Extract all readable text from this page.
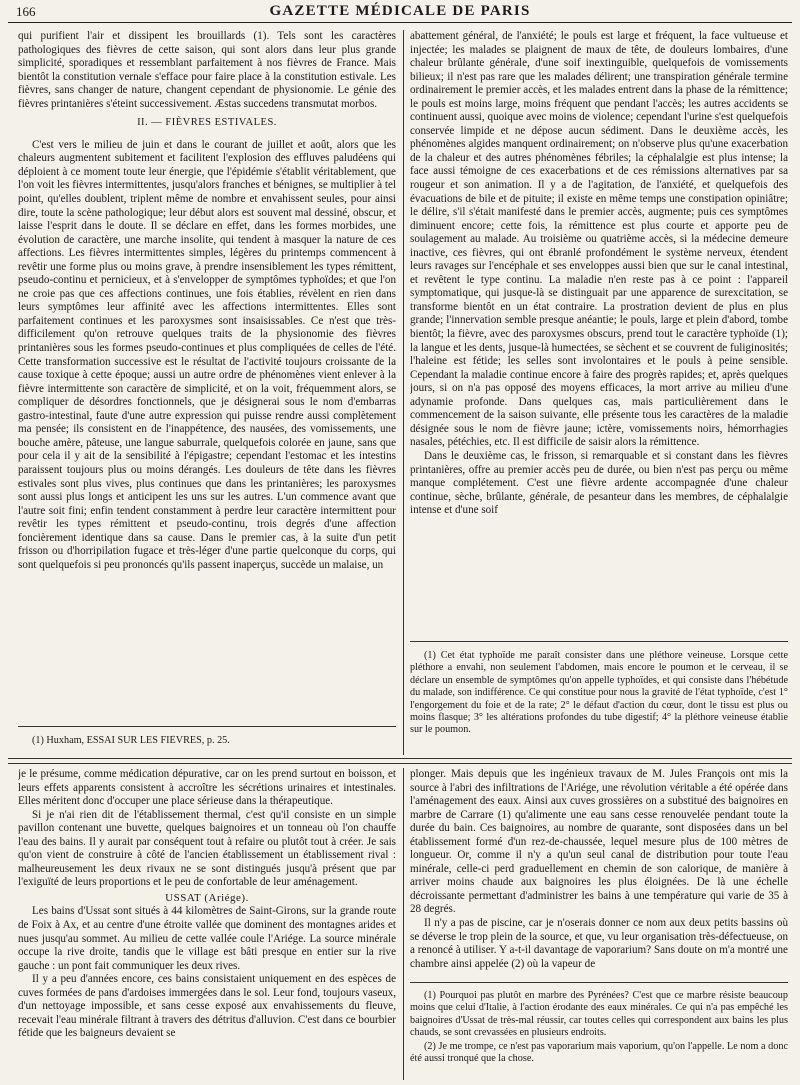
166	GAZETTE MÉDICALE DE PARIS

qui purifient l'air et dissipent les brouillards (1). Tels sont les caractères pathologiques des fièvres de cette saison, qui sont alors dans leur plus grande simplicité, sporadiques et ressemblant parfaitement à nos fièvres de France. Mais bientôt la constitution vernale s'efface pour faire place à la constitution estivale. Les fièvres, sans changer de nature, changent cependant de physionomie. Le génie des fièvres printanières s'éteint successivement. Æstas succedens transmutat morbos.

II. — FIÈVRES ESTIVALES.

C'est vers le milieu de juin et dans le courant de juillet et août, alors que les chaleurs augmentent subitement et facilitent l'explosion des effluves paludéens qui déploient à ce moment toute leur énergie, que l'épidémie s'établit véritablement, que l'on voit les fièvres intermittentes, jusqu'alors franches et bénignes, se multiplier à tel point, qu'elles doublent, triplent même de nombre et envahissent seules, pour ainsi dire, toute la scène pathologique; leur début alors est souvent mal dessiné, obscur, et laisse l'esprit dans le doute. Il se déclare en effet, dans les formes morbides, une évolution de caractère, une marche insolite, qui tendent à masquer la nature de ces affections. Les fièvres intermittentes simples, légères du printemps commencent à revêtir une forme plus ou moins grave, à prendre insensiblement les types rémittent, pseudo-continu et pernicieux, et à s'envelopper de symptômes typhoïdes; et que l'on ne croie pas que ces affections continues, une fois établies, révèlent en rien dans leurs symptômes leur affinité avec les affections intermittentes. Elles sont parfaitement continues et les paroxysmes sont insaisissables. Ce n'est que très-difficilement qu'on retrouve quelques traits de la physionomie des fièvres printanières sous les formes pseudo-continues et plus compliquées de celles de l'été. Cette transformation successive est le résultat de l'activité toujours croissante de la cause toxique à cette époque; aussi un autre ordre de phénomènes vient enlever à la fièvre intermittente son caractère de simplicité, et on la voit, fréquemment alors, se compliquer de désordres fonctionnels, que je désignerai sous le nom d'embarras gastro-intestinal, faute d'une autre expression qui puisse rendre aussi complètement ma pensée; ils consistent en de l'inappétence, des nausées, des vomissements, une bouche amère, pâteuse, une langue saburrale, quelquefois colorée en jaune, sans que pour cela il y ait de la sensibilité à l'épigastre; cependant l'estomac et les intestins paraissent toujours plus ou moins dérangés. Les douleurs de tête dans les fièvres estivales sont plus vives, plus continues que dans les printanières; les paroxysmes sont aussi plus longs et anticipent les uns sur les autres. L'un commence avant que l'autre soit fini; enfin tendent constamment à perdre leur caractère intermittent pour revêtir les types rémittent et pseudo-continu, trois degrés d'une affection foncièrement identique dans sa cause. Dans le premier cas, à la suite d'un petit frisson ou d'horripilation fugace et très-léger d'une partie quelconque du corps, qui sont quelquefois si peu prononcés qu'ils passent inaperçus, succède un malaise, un

abattement général, de l'anxiété; le pouls est large et fréquent, la face vultueuse et injectée; les malades se plaignent de maux de tête, de douleurs lombaires, d'une chaleur brûlante générale, d'une soif inextinguible, quelquefois de vomissements bilieux; il n'est pas rare que les malades délirent; une transpiration générale termine ordinairement le premier accès, et les malades entrent dans la phase de la rémittence; le pouls est moins large, moins fréquent que pendant l'accès; les autres accidents se continuent aussi, quoique avec moins de violence; cependant l'urine s'est quelquefois conservée limpide et ne dépose aucun sédiment. Dans le deuxième accès, les phénomènes algides manquent ordinairement; on n'observe plus qu'une exacerbation de la chaleur et des autres phénomènes fébriles; la céphalalgie est plus intense; la face aussi témoigne de ces exacerbations et de ces rémissions alternatives par sa rougeur et son animation. Il y a de l'agitation, de l'anxiété, et quelquefois des évacuations de bile et de pituite; il existe en même temps une constipation opiniâtre; le délire, s'il s'était manifesté dans le premier accès, augmente; puis ces symptômes diminuent encore; cette fois, la rémittence est plus courte et apporte peu de soulagement au malade. Au troisième ou quatrième accès, si la médecine demeure inactive, ces fièvres, qui ont ébranlé profondément le système nerveux, étendent leurs ravages sur l'encéphale et ses enveloppes aussi bien que sur le canal intestinal, et revêtent le type continu. La maladie n'en reste pas à ce point : l'appareil symptomatique, qui jusque-là se distinguait par une apparence de surexcitation, se transforme bientôt en un état contraire. La prostration devient de plus en plus grande; l'innervation semble presque anéantie; le pouls, large et plein d'abord, tombe bientôt; la fièvre, avec des paroxysmes obscurs, prend tout le caractère typhoïde (1); la langue et les dents, jusque-là humectées, se sèchent et se couvrent de fuliginosités; l'haleine est fétide; les selles sont involontaires et le pouls à peine sensible. Cependant la maladie continue encore à faire des progrès rapides; et, après quelques jours, si on n'a pas opposé des moyens efficaces, la mort arrive au milieu d'une adynamie profonde. Dans quelques cas, mais particulièrement dans le commencement de la saison suivante, elle présente tous les caractères de la maladie désignée sous le nom de fièvre jaune; ictère, vomissements noirs, hémorrhagies nasales, pétéchies, etc. Il est difficile de saisir alors la rémittence.

Dans le deuxième cas, le frisson, si remarquable et si constant dans les fièvres printanières, offre au premier accès peu de durée, ou bien n'est pas perçu ou même manque complétement. C'est une fièvre ardente accompagnée d'une chaleur continue, sèche, brûlante, générale, de pesanteur dans les membres, de céphalalgie intense et d'une soif

(1) Cet état typhoïde me paraît consister dans une pléthore veineuse. Lorsque cette pléthore a envahi, non seulement l'abdomen, mais encore le poumon et le cerveau, il se déclare un ensemble de symptômes qu'on appelle typhoïdes, et qui consiste dans l'hébétude du malade, son indifférence. Ce qui constitue pour nous la gravité de l'état typhoïde, c'est 1° l'engorgement du foie et de la rate; 2° le défaut d'action du cœur, dont le tissu est plus ou moins flasque; 3° les altérations profondes du tube digestif; 4° la pléthore veineuse établie sur le poumon.

(1) Huxham, ESSAI SUR LES FIÈVRES, p. 25.

je le présume, comme médication dépurative, car on les prend surtout en boisson, et leurs effets apparents consistent à accroître les sécrétions urinaires et intestinales. Elles méritent donc d'occuper une place sérieuse dans la thérapeutique.

Si je n'ai rien dit de l'établissement thermal, c'est qu'il consiste en un simple pavillon contenant une buvette, quelques baignoires et un tonneau où l'on chauffe l'eau des bains. Il y aurait par conséquent tout à refaire ou plutôt tout à créer. Je sais qu'on vient de construire à côté de l'ancien établissement un établissement rival : malheureusement les deux rivaux ne se sont distingués jusqu'à présent que par l'exiguïté de leurs proportions et le peu de confortable de leur aménagement.

USSAT (Ariége).

Les bains d'Ussat sont situés à 44 kilomètres de Saint-Girons, sur la grande route de Foix à Ax, et au centre d'une étroite vallée que dominent des montagnes arides et nues jusqu'au sommet. Au milieu de cette vallée coule l'Ariége. La source minérale occupe la rive droite, tandis que le village est bâti presque en entier sur la rive gauche : un pont fait communiquer les deux rives.

Il y a peu d'années encore, ces bains consistaient uniquement en des espèces de cuves formées de pans d'ardoises immergées dans le sol. Leur fond, toujours vaseux, d'un nettoyage impossible, et sans cesse exposé aux envahissements du fleuve, recevait l'eau minérale filtrant à travers des détritus d'alluvion. C'est dans ce bourbier fétide que les baigneurs devaient se

plonger. Mais depuis que les ingénieux travaux de M. Jules François ont mis la source à l'abri des infiltrations de l'Ariége, une révolution véritable a été opérée dans l'aménagement des eaux. Ainsi aux cuves grossières on a substitué des baignoires en marbre de Carrare (1) qu'alimente une eau sans cesse renouvelée pendant toute la durée du bain. Ces baignoires, au nombre de quarante, sont disposées dans un bel établissement formé d'un rez-de-chaussée, lequel mesure plus de 100 mètres de longueur. Or, comme il n'y a qu'un seul canal de distribution pour toute l'eau minérale, celle-ci perd graduellement en chemin de son calorique, de manière à arriver moins chaude aux baignoires les plus éloignées. De là une échelle décroissante permettant d'administrer les bains à une température qui varie de 35 à 28 degrés.

Il n'y a pas de piscine, car je n'oserais donner ce nom aux deux petits bassins où se déverse le trop plein de la source, et que, vu leur organisation très-défectueuse, on a renoncé à utiliser. Y a-t-il davantage de vaporarium? Sans doute on m'a montré une chambre ainsi appelée (2) où la vapeur de

(1) Pourquoi pas plutôt en marbre des Pyrénées? C'est que ce marbre résiste beaucoup moins que celui d'Italie, à l'action érodante des eaux minérales. Ce qui n'a pas empêché les baignoires d'Ussat de très-mal réussir, car toutes celles qui correspondent aux bains les plus chauds, se sont crevassées en plusieurs endroits.

(2) Je me trompe, ce n'est pas vaporarium mais vaporium, qu'on l'appelle. Le nom a donc été aussi tronqué que la chose.
